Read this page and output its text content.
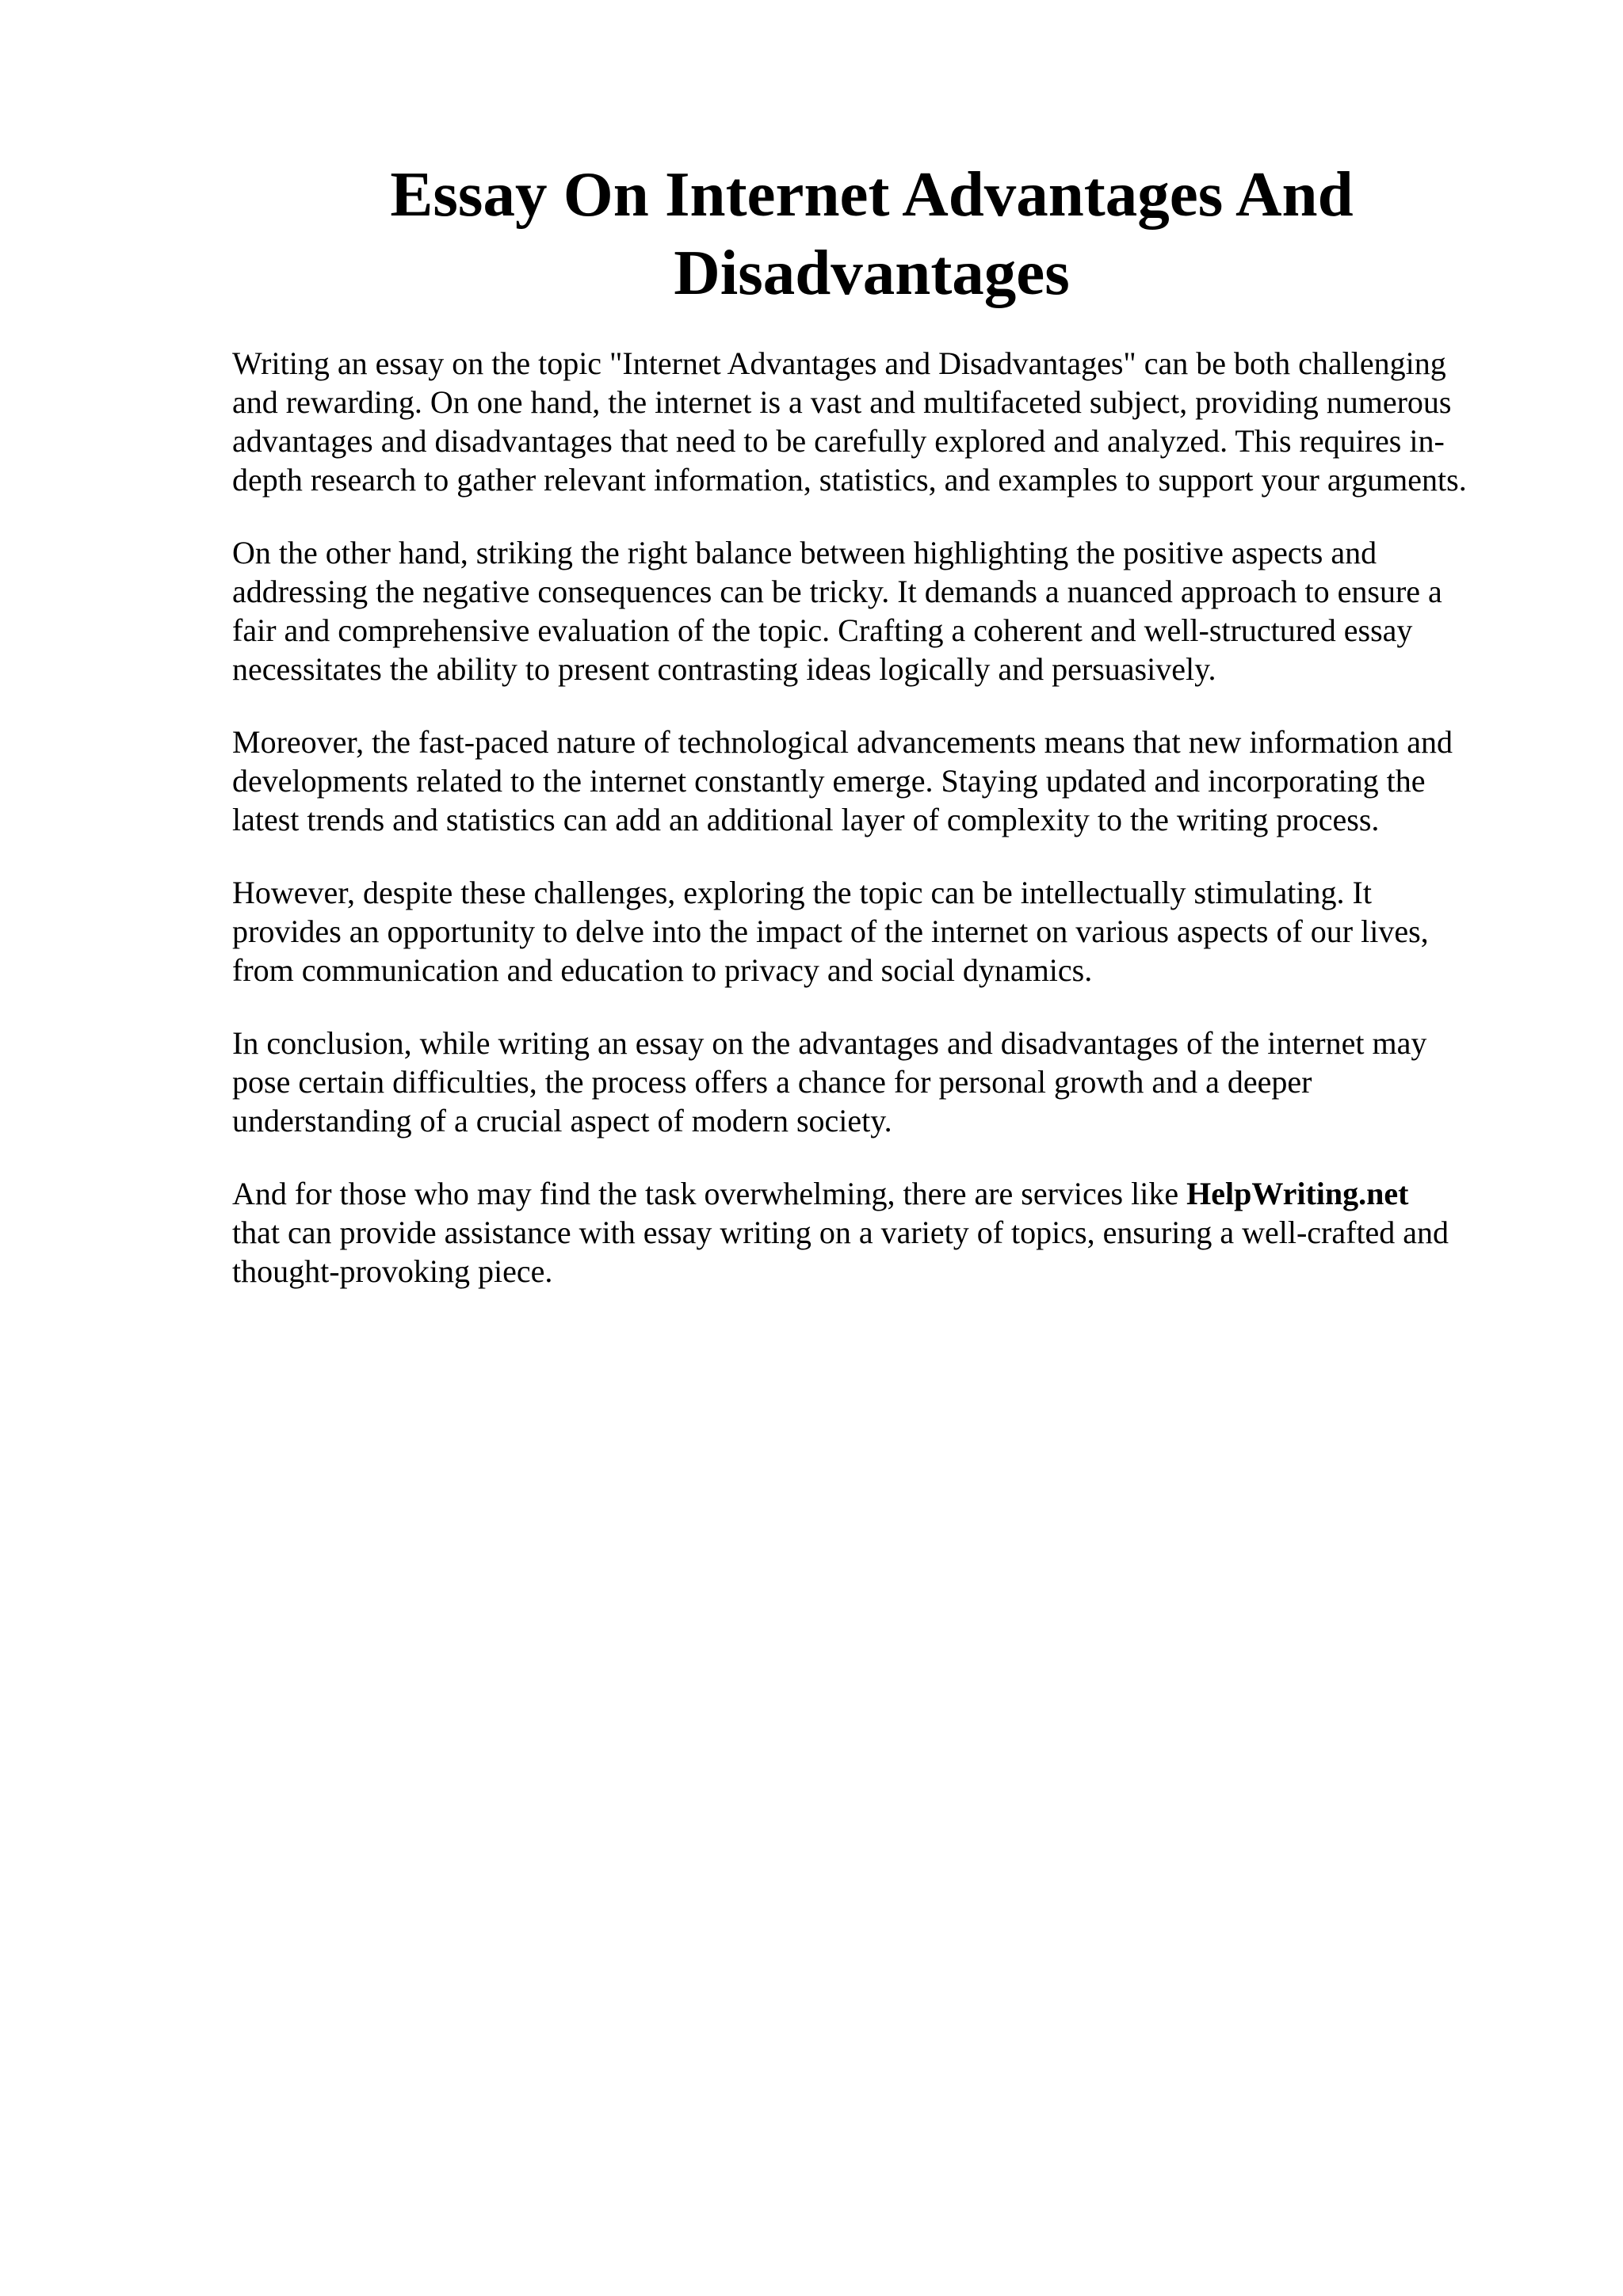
Essay On Internet Advantages And
Disadvantages

Writing an essay on the topic "Internet Advantages and Disadvantages" can be both challenging
and rewarding. On one hand, the internet is a vast and multifaceted subject, providing numerous
advantages and disadvantages that need to be carefully explored and analyzed. This requires in-
depth research to gather relevant information, statistics, and examples to support your arguments.

On the other hand, striking the right balance between highlighting the positive aspects and
addressing the negative consequences can be tricky. It demands a nuanced approach to ensure a
fair and comprehensive evaluation of the topic. Crafting a coherent and well-structured essay
necessitates the ability to present contrasting ideas logically and persuasively.

Moreover, the fast-paced nature of technological advancements means that new information and
developments related to the internet constantly emerge. Staying updated and incorporating the
latest trends and statistics can add an additional layer of complexity to the writing process.

However, despite these challenges, exploring the topic can be intellectually stimulating. It
provides an opportunity to delve into the impact of the internet on various aspects of our lives,
from communication and education to privacy and social dynamics.

In conclusion, while writing an essay on the advantages and disadvantages of the internet may
pose certain difficulties, the process offers a chance for personal growth and a deeper
understanding of a crucial aspect of modern society.

And for those who may find the task overwhelming, there are services like HelpWriting.net
that can provide assistance with essay writing on a variety of topics, ensuring a well-crafted and
thought-provoking piece.
